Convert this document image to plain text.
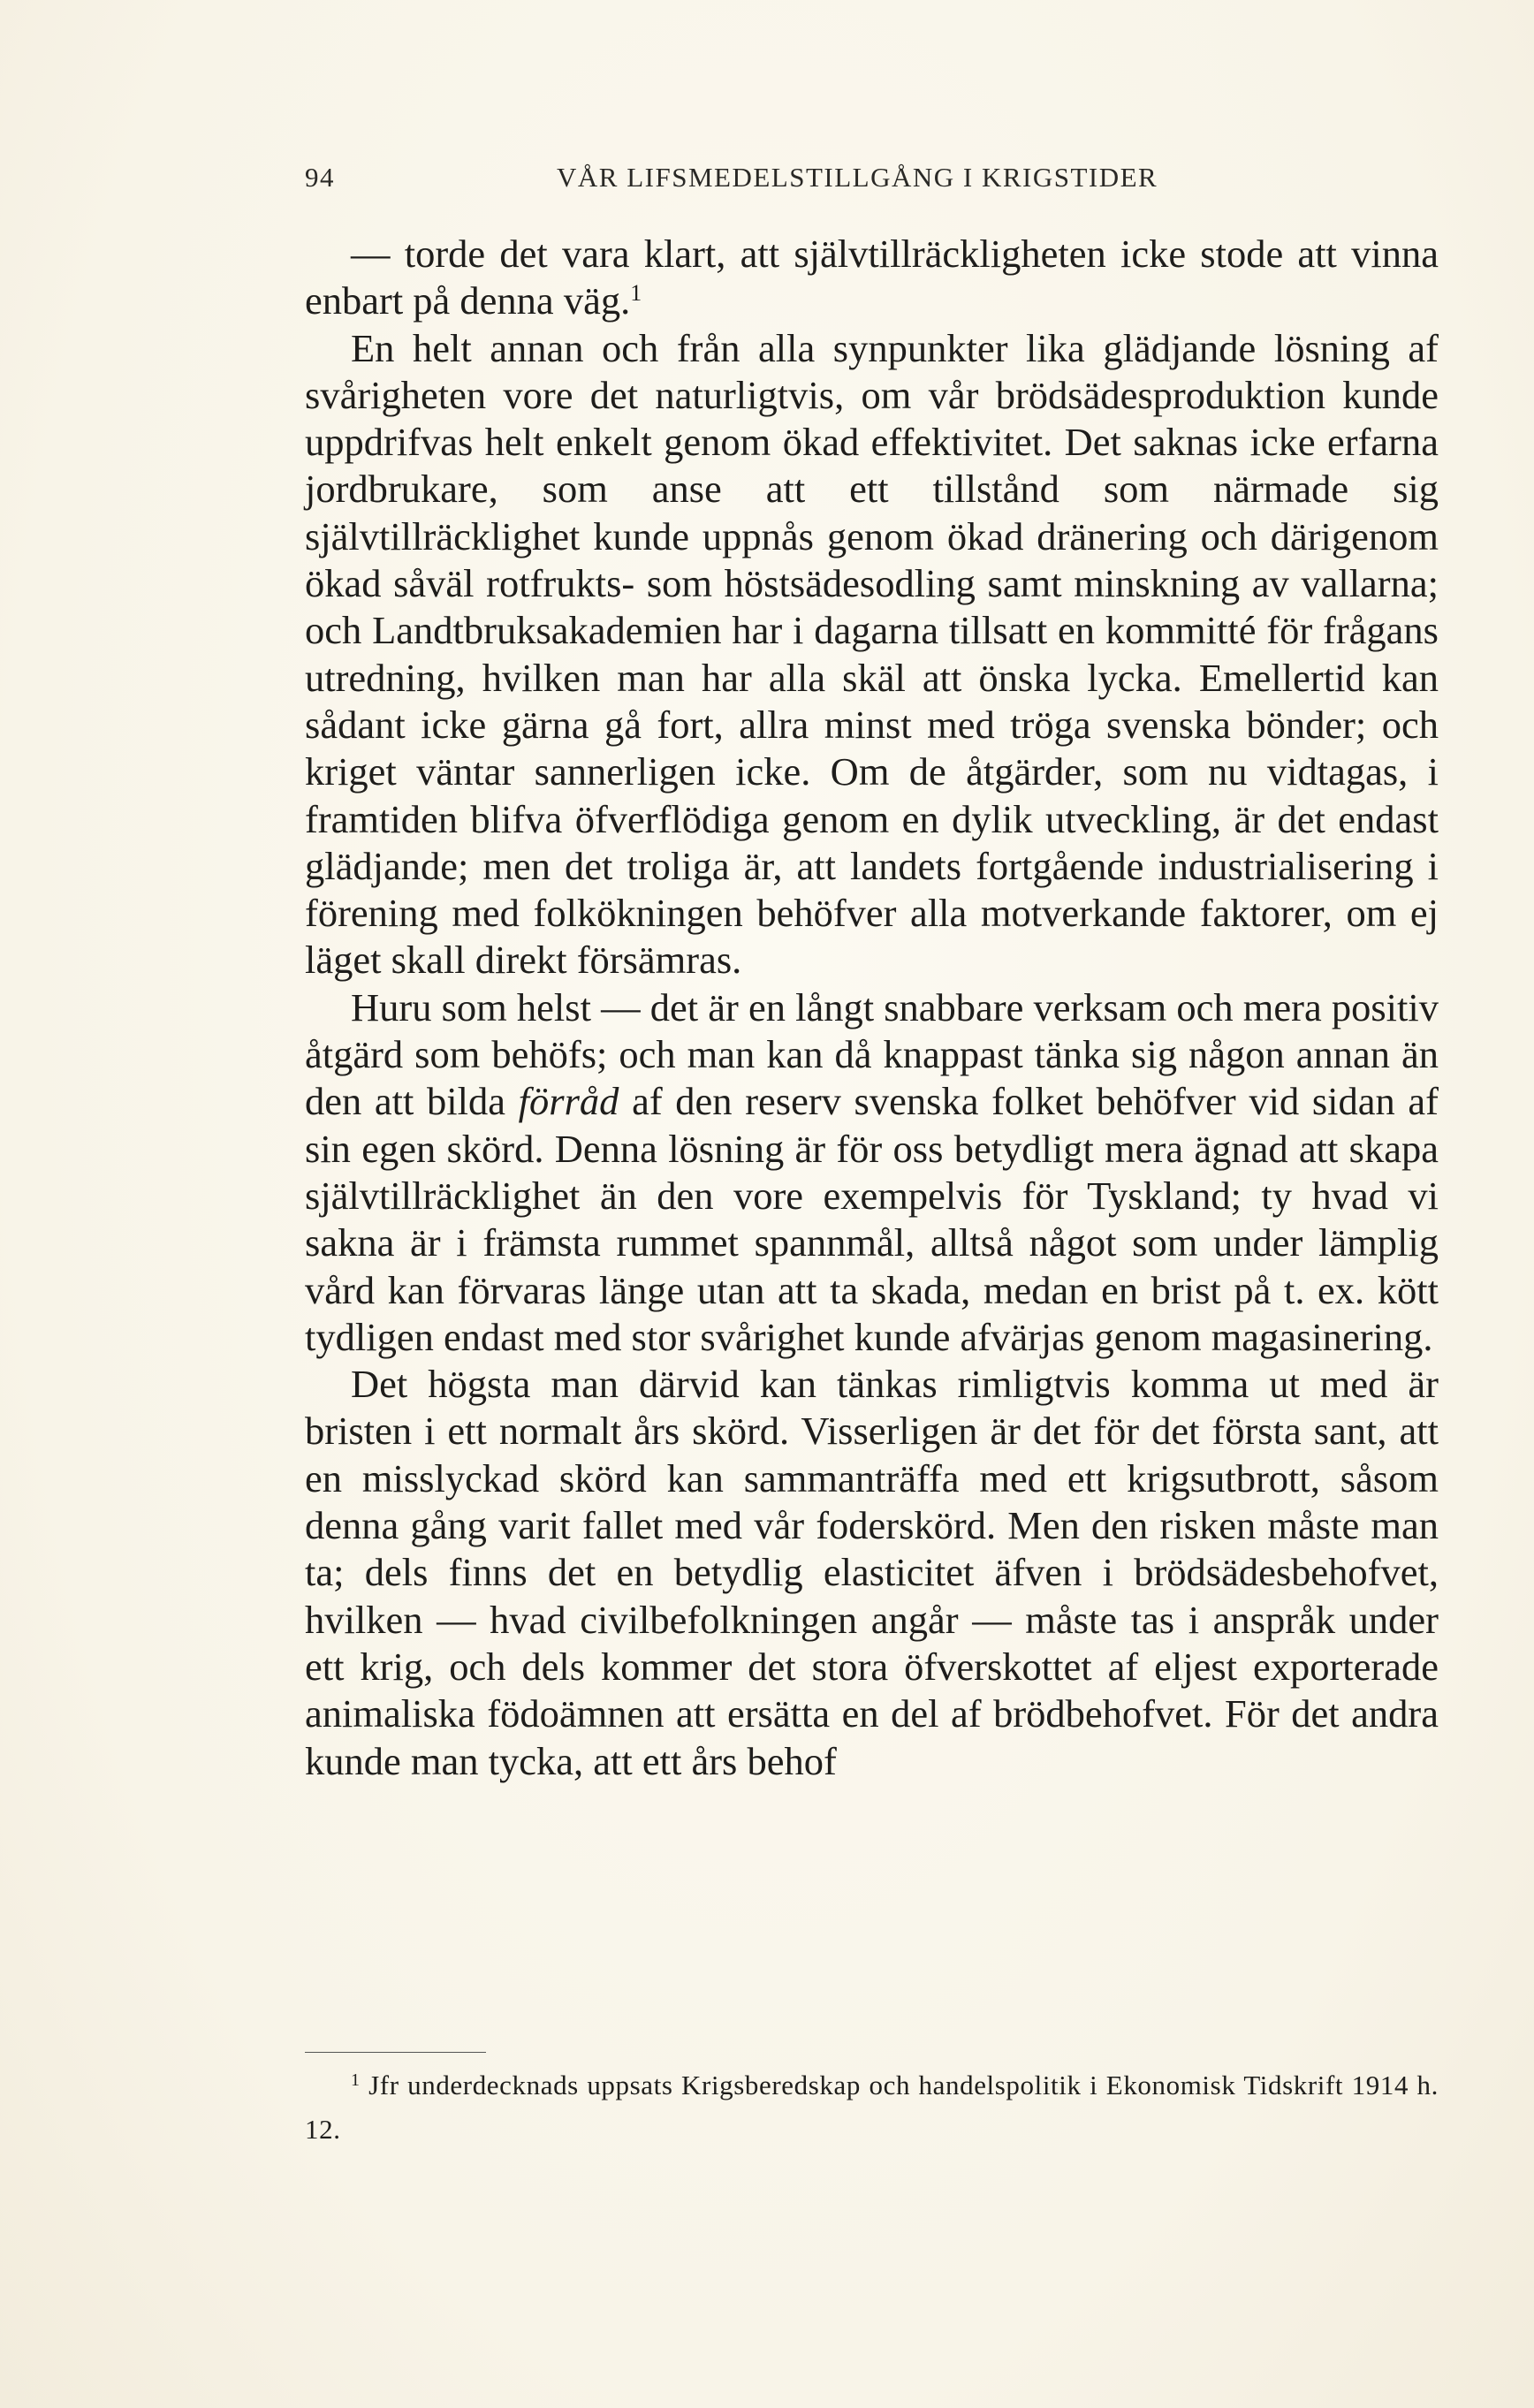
94	VÅR LIFSMEDELSTILLGÅNG I KRIGSTIDER

— torde det vara klart, att självtillräckligheten icke stode att vinna enbart på denna väg.$^1$

En helt annan och från alla synpunkter lika glädjande lösning af svårigheten vore det naturligtvis, om vår brödsädesproduktion kunde uppdrifvas helt enkelt genom ökad effektivitet. Det saknas icke erfarna jordbrukare, som anse att ett tillstånd som närmade sig självtillräcklighet kunde uppnås genom ökad dränering och därigenom ökad såväl rotfrukts- som höstsädesodling samt minskning av vallarna; och Landtbruksakademien har i dagarna tillsatt en kommitté för frågans utredning, hvilken man har alla skäl att önska lycka. Emellertid kan sådant icke gärna gå fort, allra minst med tröga svenska bönder; och kriget väntar sannerligen icke. Om de åtgärder, som nu vidtagas, i framtiden blifva öfverflödiga genom en dylik utveckling, är det endast glädjande; men det troliga är, att landets fortgående industrialisering i förening med folkökningen behöfver alla motverkande faktorer, om ej läget skall direkt försämras.

Huru som helst — det är en långt snabbare verksam och mera positiv åtgärd som behöfs; och man kan då knappast tänka sig någon annan än den att bilda förråd af den reserv svenska folket behöfver vid sidan af sin egen skörd. Denna lösning är för oss betydligt mera ägnad att skapa självtillräcklighet än den vore exempelvis för Tyskland; ty hvad vi sakna är i främsta rummet spannmål, alltså något som under lämplig vård kan förvaras länge utan att ta skada, medan en brist på t. ex. kött tydligen endast med stor svårighet kunde afvärjas genom magasinering.

Det högsta man därvid kan tänkas rimligtvis komma ut med är bristen i ett normalt års skörd. Visserligen är det för det första sant, att en misslyckad skörd kan sammanträffa med ett krigsutbrott, såsom denna gång varit fallet med vår foderskörd. Men den risken måste man ta; dels finns det en betydlig elasticitet äfven i brödsädesbehofvet, hvilken — hvad civilbefolkningen angår — måste tas i anspråk under ett krig, och dels kommer det stora öfverskottet af eljest exporterade animaliska födoämnen att ersätta en del af brödbehofvet. För det andra kunde man tycka, att ett års behof

$^1$ Jfr underdecknads uppsats Krigsberedskap och handelspolitik i Ekonomisk Tidskrift 1914 h. 12.
